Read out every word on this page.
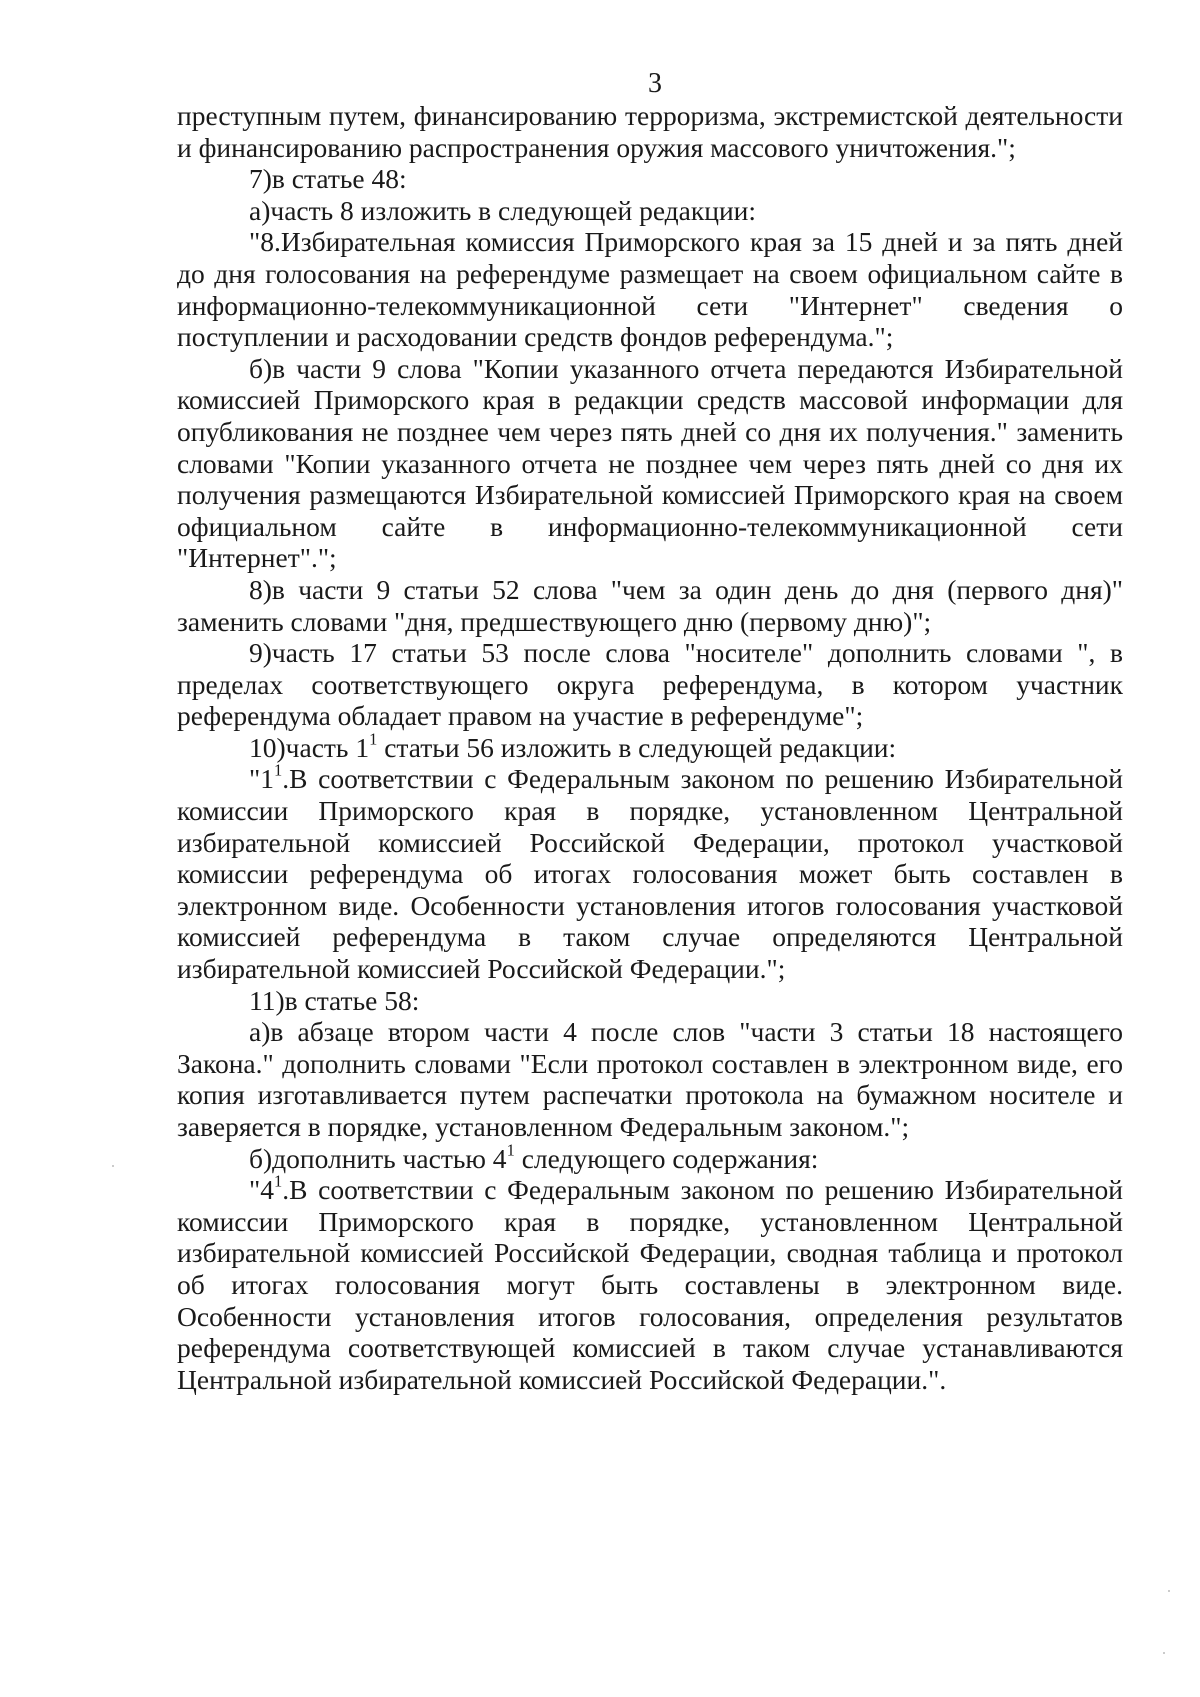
3

преступным путем, финансированию терроризма, экстремистской деятельности и финансированию распространения оружия массового уничтожения.";

7)в статье 48:

а)часть 8 изложить в следующей редакции:

"8.Избирательная комиссия Приморского края за 15 дней и за пять дней до дня голосования на референдуме размещает на своем официальном сайте в информационно-телекоммуникационной сети "Интернет" сведения о поступлении и расходовании средств фондов референдума.";

б)в части 9 слова "Копии указанного отчета передаются Избирательной комиссией Приморского края в редакции средств массовой информации для опубликования не позднее чем через пять дней со дня их получения." заменить словами "Копии указанного отчета не позднее чем через пять дней со дня их получения размещаются Избирательной комиссией Приморского края на своем официальном сайте в информационно-телекоммуникационной сети "Интернет".";

8)в части 9 статьи 52 слова "чем за один день до дня (первого дня)" заменить словами "дня, предшествующего дню (первому дню)";

9)часть 17 статьи 53 после слова "носителе" дополнить словами ", в пределах соответствующего округа референдума, в котором участник референдума обладает правом на участие в референдуме";

10)часть $1^1$ статьи 56 изложить в следующей редакции:

"$1^1.В$ соответствии с Федеральным законом по решению Избирательной комиссии Приморского края в порядке, установленном Центральной избирательной комиссией Российской Федерации, протокол участковой комиссии референдума об итогах голосования может быть составлен в электронном виде. Особенности установления итогов голосования участковой комиссией референдума в таком случае определяются Центральной избирательной комиссией Российской Федерации.";

11)в статье 58:

а)в абзаце втором части 4 после слов "части 3 статьи 18 настоящего Закона." дополнить словами "Если протокол составлен в электронном виде, его копия изготавливается путем распечатки протокола на бумажном носителе и заверяется в порядке, установленном Федеральным законом.";

б)дополнить частью $4^1$ следующего содержания:

"$4^1.В$ соответствии с Федеральным законом по решению Избирательной комиссии Приморского края в порядке, установленном Центральной избирательной комиссией Российской Федерации, сводная таблица и протокол об итогах голосования могут быть составлены в электронном виде. Особенности установления итогов голосования, определения результатов референдума соответствующей комиссией в таком случае устанавливаются Центральной избирательной комиссией Российской Федерации.".
